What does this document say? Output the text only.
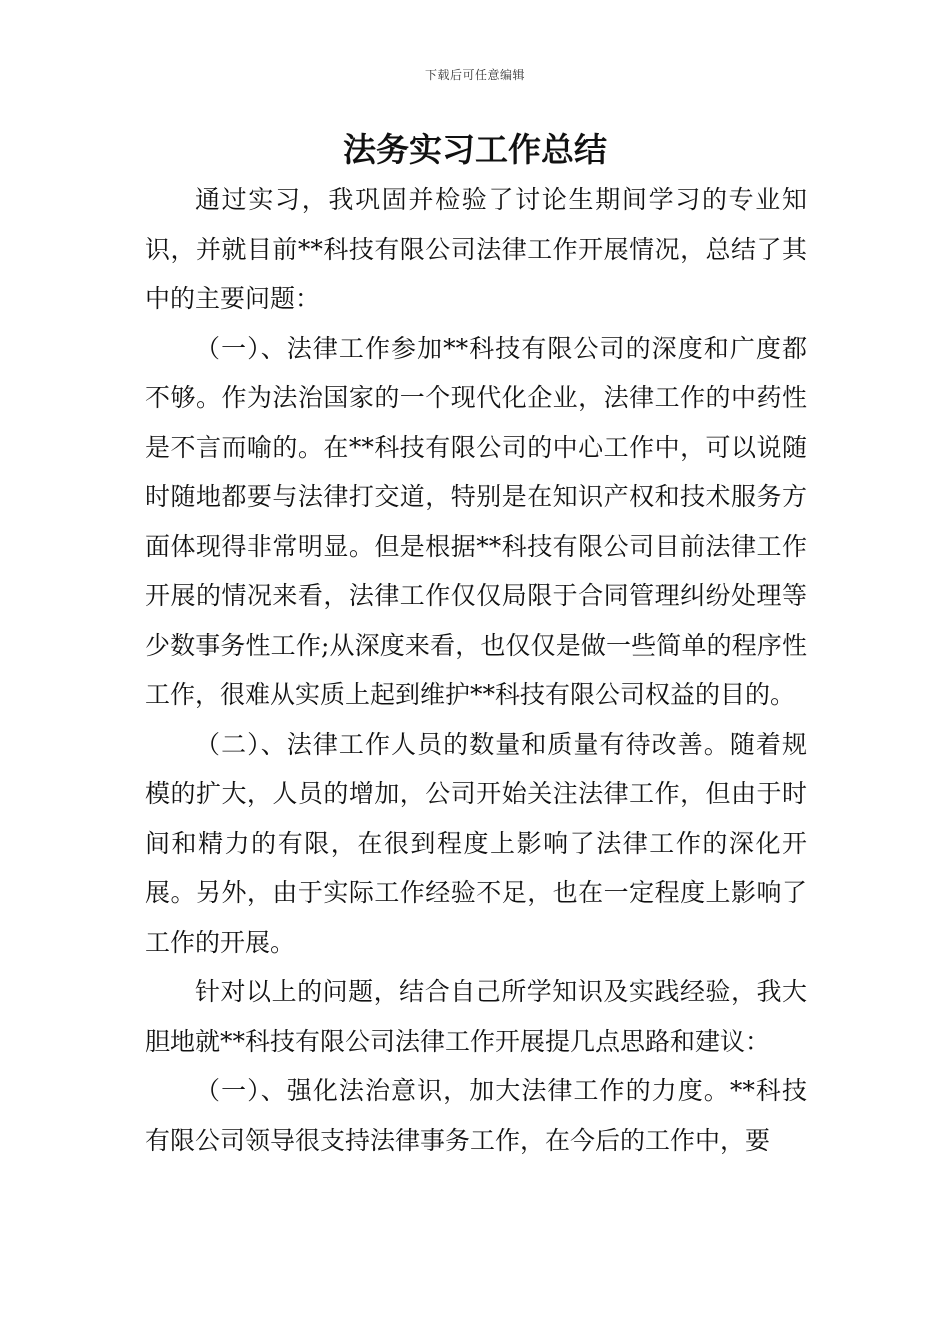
下载后可任意编辑
法务实习工作总结

通过实习，我巩固并检验了讨论生期间学习的专业知识，并就目前**科技有限公司法律工作开展情况，总结了其中的主要问题：

（一）、法律工作参加**科技有限公司的深度和广度都不够。作为法治国家的一个现代化企业，法律工作的中药性是不言而喻的。在**科技有限公司的中心工作中，可以说随时随地都要与法律打交道，特别是在知识产权和技术服务方面体现得非常明显。但是根据**科技有限公司目前法律工作开展的情况来看，法律工作仅仅局限于合同管理纠纷处理等少数事务性工作;从深度来看，也仅仅是做一些简单的程序性工作，很难从实质上起到维护**科技有限公司权益的目的。

（二）、法律工作人员的数量和质量有待改善。随着规模的扩大，人员的增加，公司开始关注法律工作，但由于时间和精力的有限，在很到程度上影响了法律工作的深化开展。另外，由于实际工作经验不足，也在一定程度上影响了工作的开展。

针对以上的问题，结合自己所学知识及实践经验，我大胆地就**科技有限公司法律工作开展提几点思路和建议：

（一）、强化法治意识，加大法律工作的力度。**科技有限公司领导很支持法律事务工作，在今后的工作中，要
